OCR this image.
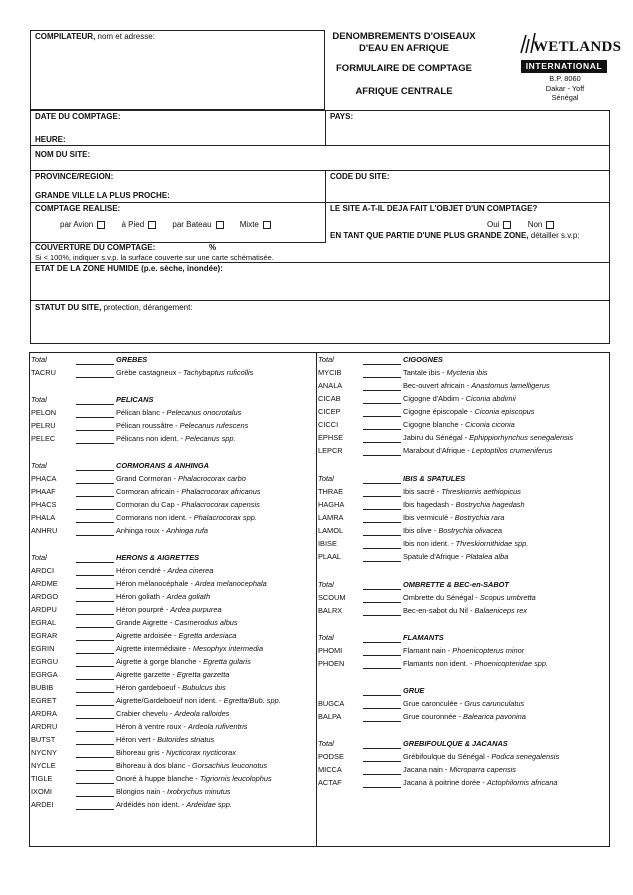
COMPILATEUR, nom et adresse:	DENOMBREMENTS D'OISEAUX
D'EAU EN AFRIQUE
FORMULAIRE DE COMPTAGE
AFRIQUE CENTRALE
WETLANDS
INTERNATIONAL
B.P. 8060
Dakar - Yoff
Sénégal
DATE DU COMPTAGE:	PAYS:
HEURE:
NOM DU SITE:
PROVINCE/REGION:	CODE DU SITE:
GRANDE VILLE LA PLUS PROCHE:
COMPTAGE REALISE:
par Avion	à Pied	par Bateau	Mixte
LE SITE A-T-IL DEJA FAIT L'OBJET D'UN COMPTAGE?
Oui	Non
EN TANT QUE PARTIE D'UNE PLUS GRANDE ZONE, détailler s.v.p:
COUVERTURE DU COMPTAGE:	%
Si < 100%, indiquer s.v.p. la surface couverte sur une carte schématisée.
ETAT DE LA ZONE HUMIDE (p.e. sèche, inondée):
STATUT DU SITE, protection, dérangement:
Total	GREBES
TACRU	Grèbe castagneux - Tachybaptus ruficollis
Total	PELICANS
PELON	Pélican blanc - Pelecanus onocrotalus
PELRU	Pélican roussâtre - Pelecanus rufescens
PELEC	Pélicans non ident. - Pelecanus spp.
Total	CORMORANS & ANHINGA
PHACA	Grand Cormoran - Phalacrocorax carbo
PHAAF	Cormoran africain - Phalacrocorax africanus
PHACS	Cormoran du Cap - Phalacrocorax capensis
PHALA	Cormorans non ident. - Phalacrocorax spp.
ANHRU	Anhinga roux - Anhinga rufa
Total	HERONS & AIGRETTES
ARDCI	Héron cendré - Ardea cinerea
ARDME	Héron mélanocéphale - Ardea melanocephala
ARDGO	Héron goliath - Ardea goliath
ARDPU	Héron pourpré - Ardea purpurea
EGRAL	Grande Aigrette - Casmerodius albus
EGRAR	Aigrette ardoisée - Egretta ardesiaca
EGRIN	Aigrette intermédiaire - Mesophyx intermedia
EGRGU	Aigrette à gorge blanche - Egretta gularis
EGRGA	Aigrette garzette - Egretta garzetta
BUBIB	Héron gardeboeuf - Bubulcus ibis
EGRET	Aigrette/Gardeboeuf non ident. - Egretta/Bub. spp.
ARDRA	Crabier chevelu - Ardeola ralloides
ARDRU	Héron à ventre roux - Ardeola rufiventris
BUTST	Héron vert - Butorides striatus
NYCNY	Bihoreau gris - Nycticorax nycticorax
NYCLE	Bihoreau à dos blanc - Gorsachius leuconotus
TIGLE	Onoré à huppe blanche - Tigriornis leucolophus
IXOMI	Blongios nain - Ixobrychus minutus
ARDEI	Ardéidés non ident. - Ardeidae spp.
Total	CIGOGNES
MYCIB	Tantale ibis - Mycteria ibis
ANALA	Bec-ouvert africain - Anastomus lamelligerus
CICAB	Cigogne d'Abdim - Ciconia abdimii
CICEP	Cigogne épiscopale - Ciconia episcopus
CICCI	Cigogne blanche - Ciconia ciconia
EPHSE	Jabiru du Sénégal - Ephippiorhynchus senegalensis
LEPCR	Marabout d'Afrique - Leptoptilos crumeniferus
Total	IBIS & SPATULES
THRAE	Ibis sacré - Threskiornis aethiopicus
HAGHA	Ibis hagedash - Bostrychia hagedash
LAMRA	Ibis vermiculé - Bostrychia rara
LAMOL	Ibis olive - Bostrychia olivacea
IBISE	Ibis non ident. - Threskiornithidae spp.
PLAAL	Spatule d'Afrique - Platalea alba
Total	OMBRETTE & BEC-en-SABOT
SCOUM	Ombrette du Sénégal - Scopus umbretta
BALRX	Bec-en-sabot du Nil - Balaeniceps rex
Total	FLAMANTS
PHOMI	Flamant nain - Phoenicopterus minor
PHOEN	Flamants non ident. - Phoenicopteridae spp.
GRUE
BUGCA	Grue caronculée - Grus carunculatus
BALPA	Grue couronnée - Balearica pavonina
Total	GREBIFOULQUE & JACANAS
PODSE	Grébifoulque du Sénégal - Podica senegalensis
MICCA	Jacana nain - Microparra capensis
ACTAF	Jacana à poitrine dorée - Actophilornis africana
